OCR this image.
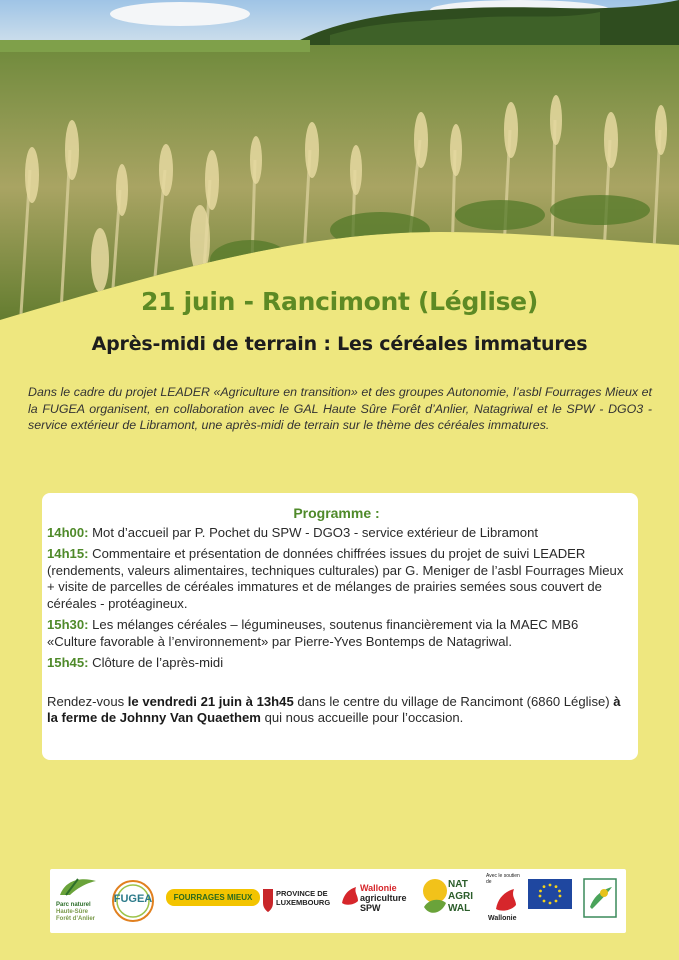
21 juin - Rancimont (Léglise)
Après-midi de terrain : Les céréales immatures
Dans le cadre du projet LEADER «Agriculture en transition» et des groupes Autonomie, l’asbl Fourrages Mieux et la FUGEA organisent, en collaboration avec le GAL Haute Sûre Forêt d’Anlier, Natagriwal et le SPW - DGO3 - service extérieur de Libramont, une après-midi de terrain sur le thème des céréales immatures.
Programme :
14h00: Mot d’accueil par P. Pochet du SPW - DGO3 - service extérieur de Libramont
14h15: Commentaire et présentation de données chiffrées issues du projet de suivi LEADER (rendements, valeurs alimentaires, techniques culturales) par G. Meniger de l’asbl Fourrages Mieux + visite de parcelles de céréales immatures et de mélanges de prairies semées sous couvert de céréales - protéagineux.
15h30: Les mélanges céréales – légumineuses, soutenus financièrement via la MAEC MB6 «Culture favorable à l’environnement» par Pierre-Yves Bontemps de Natagriwal.
15h45: Clôture de l’après-midi
Rendez-vous le vendredi 21 juin à 13h45 dans le centre du village de Rancimont (6860 Léglise) à la ferme de Johnny Van Quaethem qui nous accueille pour l’occasion.
Parc naturel
Haute-Sûre
Forêt d’Anlier
FUGEA	FOURRAGES MIEUX	PROVINCE DE
LUXEMBOURG
Wallonie
agriculture
SPW
NAT
AGRI
WAL
Avec le soutien de
Wallonie
